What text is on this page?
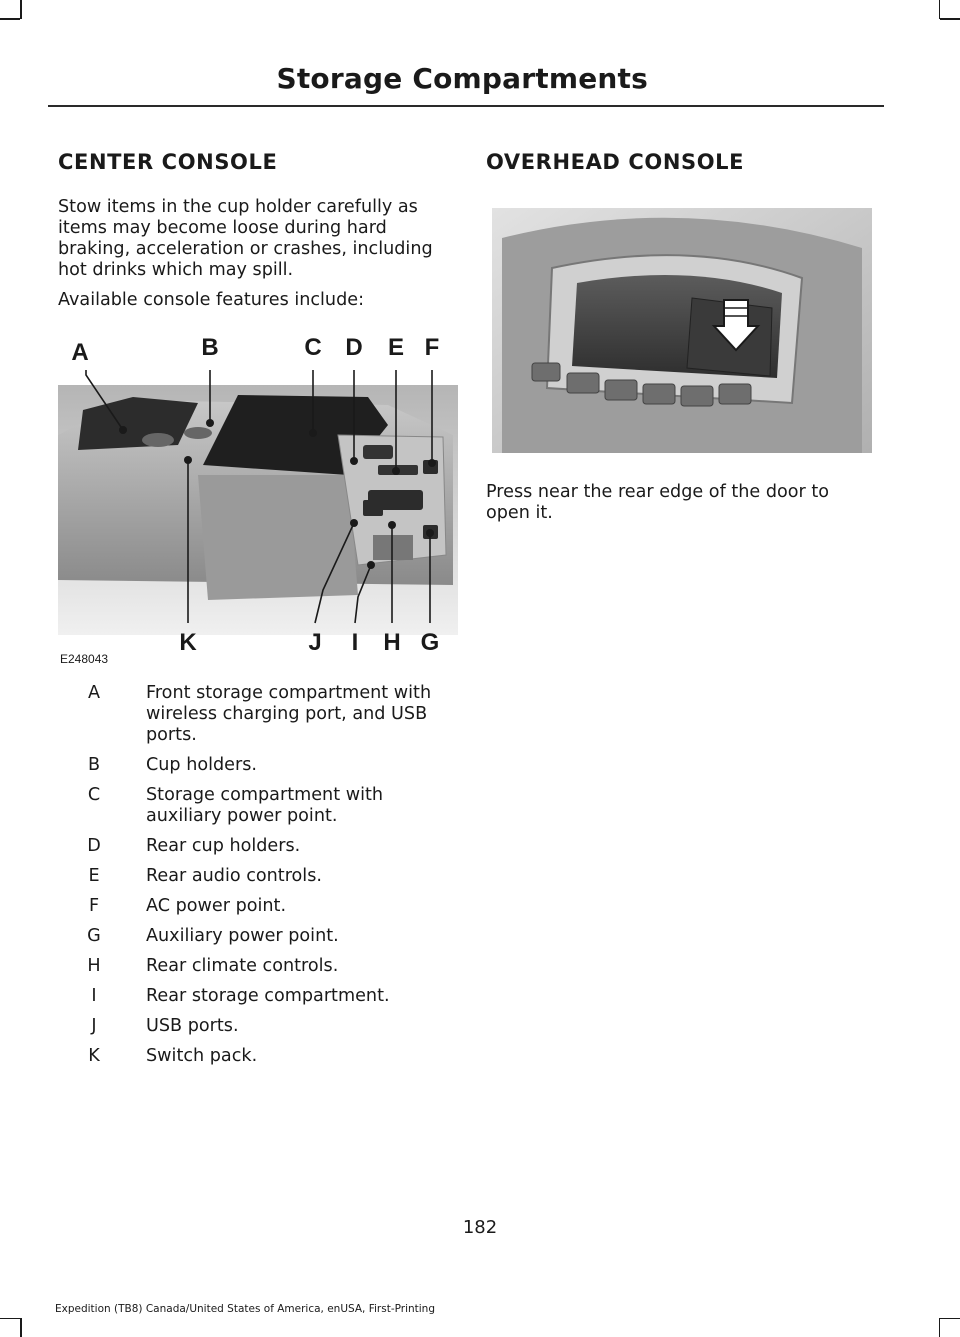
Storage Compartments
CENTER CONSOLE

Stow items in the cup holder carefully as items may become loose during hard braking, acceleration or crashes, including hot drinks which may spill.

Available console features include:

A	B	C D E F
G
H
I
J
K
E248043
A	Front storage compartment with wireless charging port, and USB ports.
B	Cup holders.
C	Storage compartment with auxiliary power point.
D	Rear cup holders.
E	Rear audio controls.
F	AC power point.
G	Auxiliary power point.
H	Rear climate controls.
I	Rear storage compartment.
J	USB ports.
K	Switch pack.
OVERHEAD CONSOLE

Press near the rear edge of the door to open it.

182
Expedition (TB8) Canada/United States of America, enUSA, First-Printing
